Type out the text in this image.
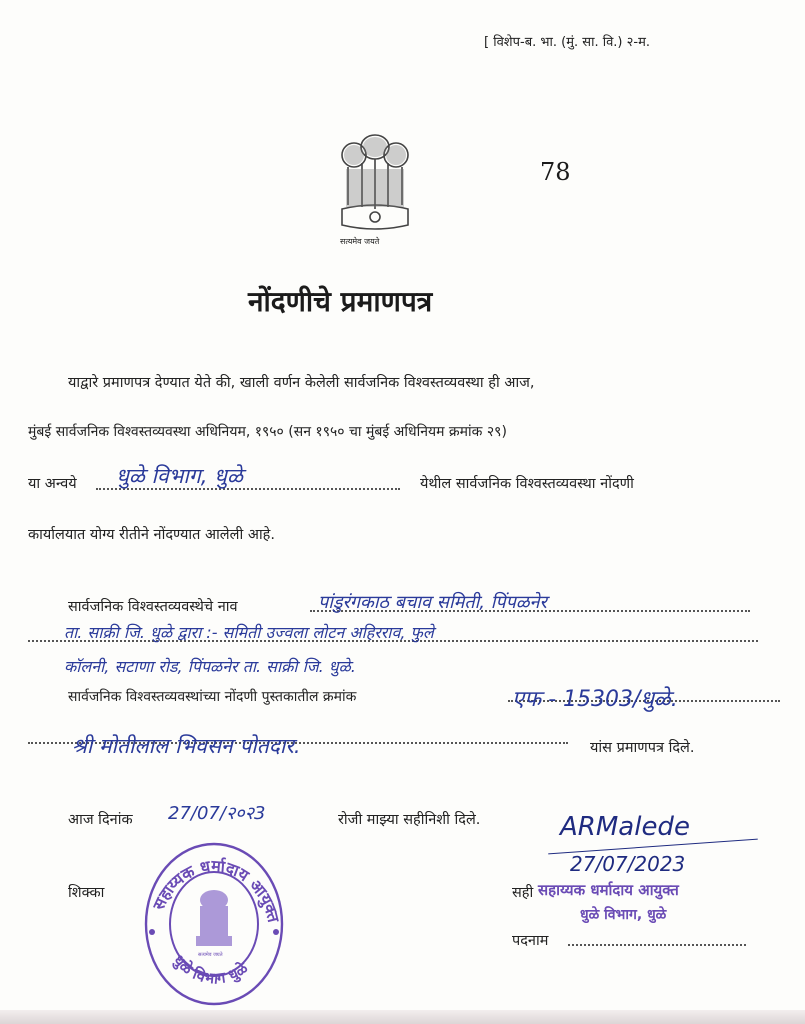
[ विशेप-ब. भा. (मुं. सा. वि.) २-म.
सत्यमेव जयते
78
नोंदणीचे प्रमाणपत्र
याद्वारे प्रमाणपत्र देण्यात येते की, खाली वर्णन केलेली सार्वजनिक विश्वस्तव्यवस्था ही आज,
मुंबई सार्वजनिक विश्वस्तव्यवस्था अधिनियम, १९५० (सन १९५० चा मुंबई अधिनियम क्रमांक २९)
या अन्वये धुळे विभाग, धुळे	येथील सार्वजनिक विश्वस्तव्यवस्था नोंदणी
कार्यालयात योग्य रीतीने नोंदण्यात आलेली आहे.
सार्वजनिक विश्वस्तव्यवस्थेचे नाव	पांडुरंगकाठ बचाव समिती, पिंपळनेर
ता. साक्री जि. धुळे द्वारा :- समिती उज्वला लोटन अहिरराव, फुले
कॉलनी, सटाणा रोड, पिंपळनेर ता. साक्री जि. धुळे.
सार्वजनिक विश्वस्तव्यवस्थांच्या नोंदणी पुस्तकातील क्रमांक	एफ - 15303/धुळे.
श्री मोतीलाल भिवसन पोतदार.	यांस प्रमाणपत्र दिले.
आज दिनांक 27/07/२०२3	रोजी माझ्या सहीनिशी दिले.
शिक्का
सहाय्यक धर्मादाय आयुक्त
धुळे विभाग धुळे
सत्यमेव जयते
ARMalede
27/07/2023
सही सहाय्यक धर्मादाय आयुक्त
धुळे विभाग, धुळे
पदनाम
